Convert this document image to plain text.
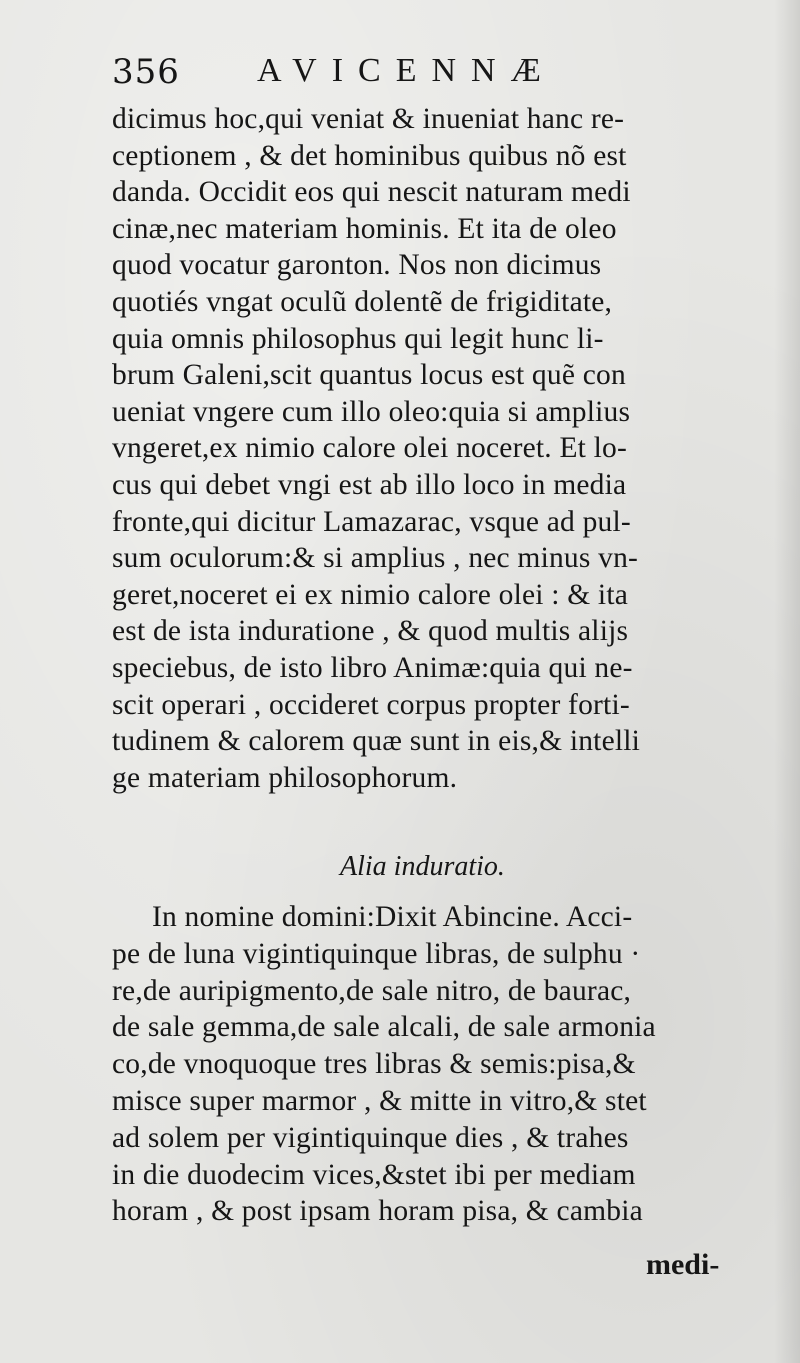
356 AVICENNÆ
dicimus hoc,qui veniat & inueniat hanc re-
ceptionem , & det hominibus quibus nõ est
danda. Occidit eos qui nescit naturam medi
cinæ,nec materiam hominis. Et ita de oleo
quod vocatur garonton. Nos non dicimus
quotiés vngat oculũ dolentẽ de frigiditate,
quia omnis philosophus qui legit hunc li-
brum Galeni,scit quantus locus est quẽ con
ueniat vngere cum illo oleo:quia si amplius
vngeret,ex nimio calore olei noceret. Et lo-
cus qui debet vngi est ab illo loco in media
fronte,qui dicitur Lamazarac, vsque ad pul-
sum oculorum:& si amplius , nec minus vn-
geret,noceret ei ex nimio calore olei : & ita
est de ista induratione , & quod multis alijs
speciebus, de isto libro Animæ:quia qui ne-
scit operari , occideret corpus propter forti-
tudinem & calorem quæ sunt in eis,& intelli
ge materiam philosophorum.
Alia induratio.
In nomine domini:Dixit Abincine. Acci-
pe de luna vigintiquinque libras, de sulphu ·
re,de auripigmento,de sale nitro, de baurac,
de sale gemma,de sale alcali, de sale armonia
co,de vnoquoque tres libras & semis:pisa,&
misce super marmor , & mitte in vitro,& stet
ad solem per vigintiquinque dies , & trahes
in die duodecim vices,&stet ibi per mediam
horam , & post ipsam horam pisa, & cambia
medi-
